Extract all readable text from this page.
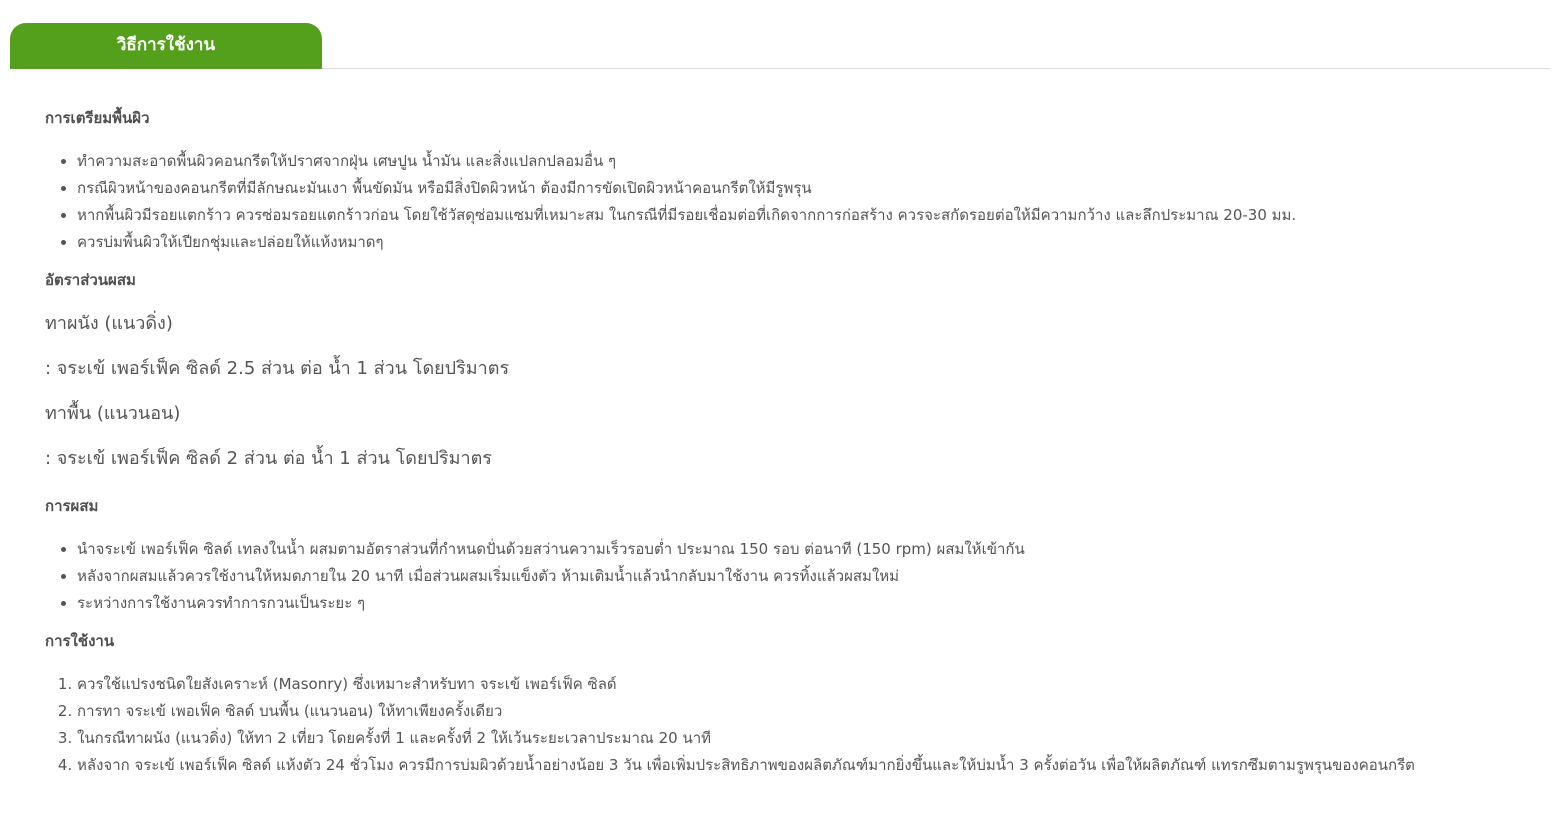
วิธีการใช้งาน
การเตรียมพื้นผิว
• ทำความสะอาดพื้นผิวคอนกรีตให้ปราศจากฝุ่น เศษปูน น้ำมัน และสิ่งแปลกปลอมอื่น ๆ
• กรณีผิวหน้าของคอนกรีตที่มีลักษณะมันเงา พื้นขัดมัน หรือมีสิ่งปิดผิวหน้า ต้องมีการขัดเปิดผิวหน้าคอนกรีตให้มีรูพรุน
• หากพื้นผิวมีรอยแตกร้าว ควรซ่อมรอยแตกร้าวก่อน โดยใช้วัสดุซ่อมแซมที่เหมาะสม ในกรณีที่มีรอยเชื่อมต่อที่เกิดจากการก่อสร้าง ควรจะสกัดรอยต่อให้มีความกว้าง และลึกประมาณ 20-30 มม.
• ควรบ่มพื้นผิวให้เปียกชุ่มและปล่อยให้แห้งหมาดๆ
อัตราส่วนผสม
ทาผนัง (แนวดิ่ง)
: จระเข้ เพอร์เฟ็ค ซิลด์ 2.5 ส่วน ต่อ น้ำ 1 ส่วน โดยปริมาตร
ทาพื้น (แนวนอน)
: จระเข้ เพอร์เฟ็ค ซิลด์ 2 ส่วน ต่อ น้ำ 1 ส่วน โดยปริมาตร
การผสม
• นำจระเข้ เพอร์เฟ็ค ซิลด์ เทลงในน้ำ ผสมตามอัตราส่วนที่กำหนดปั่นด้วยสว่านความเร็วรอบต่ำ ประมาณ 150 รอบ ต่อนาที (150 rpm) ผสมให้เข้ากัน
• หลังจากผสมแล้วควรใช้งานให้หมดภายใน 20 นาที เมื่อส่วนผสมเริ่มแข็งตัว ห้ามเติมน้ำแล้วนำกลับมาใช้งาน ควรทิ้งแล้วผสมใหม่
• ระหว่างการใช้งานควรทำการกวนเป็นระยะ ๆ
การใช้งาน
1. ควรใช้แปรงชนิดใยสังเคราะห์ (Masonry) ซึ่งเหมาะสำหรับทา จระเข้ เพอร์เฟ็ค ซิลด์
2. การทา จระเข้ เพอเฟ็ค ซิลด์ บนพื้น (แนวนอน) ให้ทาเพียงครั้งเดียว
3. ในกรณีทาผนัง (แนวดิ่ง) ให้ทา 2 เที่ยว โดยครั้งที่ 1 และครั้งที่ 2 ให้เว้นระยะเวลาประมาณ 20 นาที
4. หลังจาก จระเข้ เพอร์เฟ็ค ซิลด์ แห้งตัว 24 ชั่วโมง ควรมีการบ่มผิวด้วยน้ำอย่างน้อย 3 วัน เพื่อเพิ่มประสิทธิภาพของผลิตภัณฑ์มากยิ่งขึ้นและให้บ่มน้ำ 3 ครั้งต่อวัน เพื่อให้ผลิตภัณฑ์ แทรกซึมตามรูพรุนของคอนกรีต
